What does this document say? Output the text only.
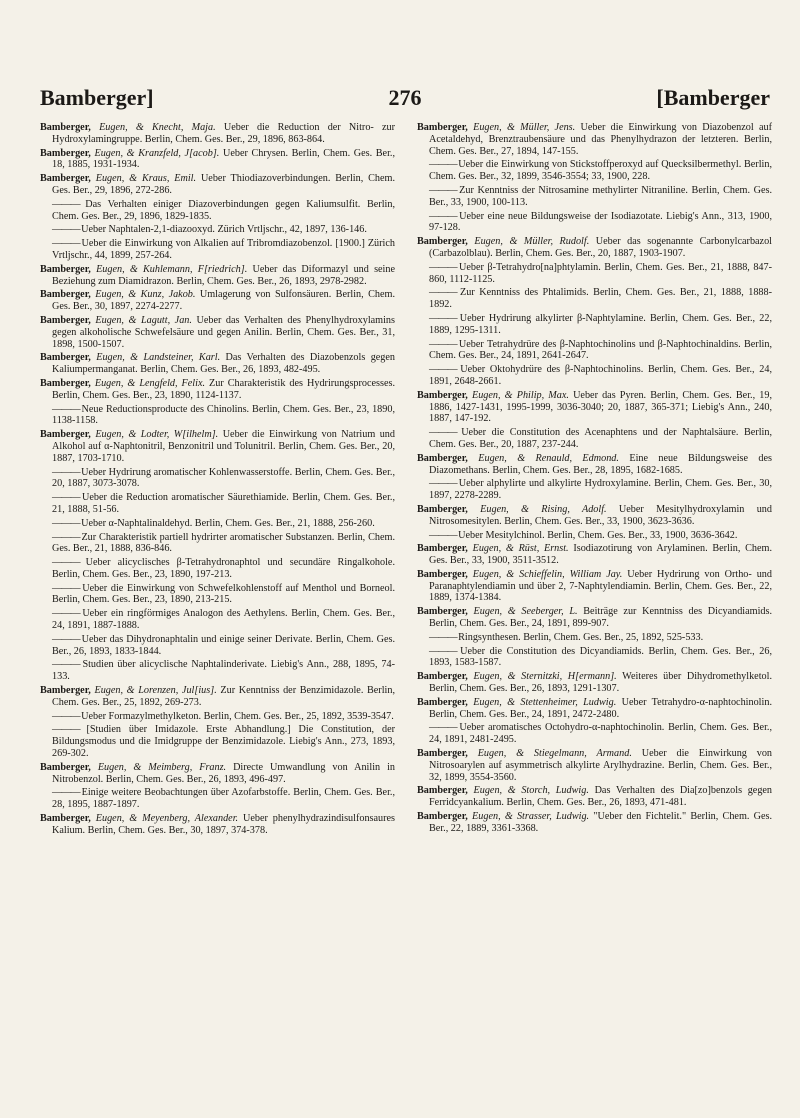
Bamberger]	276	[Bamberger

Bamberger, Eugen, & Knecht, Maja. Ueber die Reduction der Nitro- zur Hydroxylamingruppe. Berlin, Chem. Ges. Ber., 29, 1896, 863-864.

Bamberger, Eugen, & Kranzfeld, J[acob]. Ueber Chrysen. Berlin, Chem. Ges. Ber., 18, 1885, 1931-1934.

Bamberger, Eugen, & Kraus, Emil. Ueber Thiodiazoverbindungen. Berlin, Chem. Ges. Ber., 29, 1896, 272-286.

——— Das Verhalten einiger Diazoverbindungen gegen Kaliumsulfit. Berlin, Chem. Ges. Ber., 29, 1896, 1829-1835.

——— Ueber Naphtalen-2,1-diazooxyd. Zürich Vrtljschr., 42, 1897, 136-146.

——— Ueber die Einwirkung von Alkalien auf Tribromdiazobenzol. [1900.] Zürich Vrtljschr., 44, 1899, 257-264.

Bamberger, Eugen, & Kuhlemann, F[riedrich]. Ueber das Diformazyl und seine Beziehung zum Diamidrazon. Berlin, Chem. Ges. Ber., 26, 1893, 2978-2982.

Bamberger, Eugen, & Kunz, Jakob. Umlagerung von Sulfonsäuren. Berlin, Chem. Ges. Ber., 30, 1897, 2274-2277.

Bamberger, Eugen, & Lagutt, Jan. Ueber das Verhalten des Phenylhydroxylamins gegen alkoholische Schwefelsäure und gegen Anilin. Berlin, Chem. Ges. Ber., 31, 1898, 1500-1507.

Bamberger, Eugen, & Landsteiner, Karl. Das Verhalten des Diazobenzols gegen Kaliumpermanganat. Berlin, Chem. Ges. Ber., 26, 1893, 482-495.

Bamberger, Eugen, & Lengfeld, Felix. Zur Charakteristik des Hydrirungsprocesses. Berlin, Chem. Ges. Ber., 23, 1890, 1124-1137.

——— Neue Reductionsproducte des Chinolins. Berlin, Chem. Ges. Ber., 23, 1890, 1138-1158.

Bamberger, Eugen, & Lodter, W[ilhelm]. Ueber die Einwirkung von Natrium und Alkohol auf α-Naphtonitril, Benzonitril und Tolunitril. Berlin, Chem. Ges. Ber., 20, 1887, 1703-1710.

——— Ueber Hydrirung aromatischer Kohlenwasserstoffe. Berlin, Chem. Ges. Ber., 20, 1887, 3073-3078.

——— Ueber die Reduction aromatischer Säurethiamide. Berlin, Chem. Ges. Ber., 21, 1888, 51-56.

——— Ueber α-Naphtalinaldehyd. Berlin, Chem. Ges. Ber., 21, 1888, 256-260.

——— Zur Charakteristik partiell hydrirter aromatischer Substanzen. Berlin, Chem. Ges. Ber., 21, 1888, 836-846.

——— Ueber alicyclisches β-Tetrahydronaphtol und secundäre Ringalkohole. Berlin, Chem. Ges. Ber., 23, 1890, 197-213.

——— Ueber die Einwirkung von Schwefelkohlenstoff auf Menthol und Borneol. Berlin, Chem. Ges. Ber., 23, 1890, 213-215.

——— Ueber ein ringförmiges Analogon des Aethylens. Berlin, Chem. Ges. Ber., 24, 1891, 1887-1888.

——— Ueber das Dihydronaphtalin und einige seiner Derivate. Berlin, Chem. Ges. Ber., 26, 1893, 1833-1844.

——— Studien über alicyclische Naphtalinderivate. Liebig's Ann., 288, 1895, 74-133.

Bamberger, Eugen, & Lorenzen, Jul[ius]. Zur Kenntniss der Benzimidazole. Berlin, Chem. Ges. Ber., 25, 1892, 269-273.

——— Ueber Formazylmethylketon. Berlin, Chem. Ges. Ber., 25, 1892, 3539-3547.

——— [Studien über Imidazole. Erste Abhandlung.] Die Constitution, der Bildungsmodus und die Imidgruppe der Benzimidazole. Liebig's Ann., 273, 1893, 269-302.

Bamberger, Eugen, & Meimberg, Franz. Directe Umwandlung von Anilin in Nitrobenzol. Berlin, Chem. Ges. Ber., 26, 1893, 496-497.

——— Einige weitere Beobachtungen über Azofarbstoffe. Berlin, Chem. Ges. Ber., 28, 1895, 1887-1897.

Bamberger, Eugen, & Meyenberg, Alexander. Ueber phenylhydrazindisulfonsaures Kalium. Berlin, Chem. Ges. Ber., 30, 1897, 374-378.

Bamberger, Eugen, & Müller, Jens. Ueber die Einwirkung von Diazobenzol auf Acetaldehyd, Brenztraubensäure und das Phenylhydrazon der letzteren. Berlin, Chem. Ges. Ber., 27, 1894, 147-155.

——— Ueber die Einwirkung von Stickstoffperoxyd auf Quecksilbermethyl. Berlin, Chem. Ges. Ber., 32, 1899, 3546-3554; 33, 1900, 228.

——— Zur Kenntniss der Nitrosamine methylirter Nitraniline. Berlin, Chem. Ges. Ber., 33, 1900, 100-113.

——— Ueber eine neue Bildungsweise der Isodiazotate. Liebig's Ann., 313, 1900, 97-128.

Bamberger, Eugen, & Müller, Rudolf. Ueber das sogenannte Carbonylcarbazol (Carbazolblau). Berlin, Chem. Ges. Ber., 20, 1887, 1903-1907.

——— Ueber β-Tetrahydro[na]phtylamin. Berlin, Chem. Ges. Ber., 21, 1888, 847-860, 1112-1125.

——— Zur Kenntniss des Phtalimids. Berlin, Chem. Ges. Ber., 21, 1888, 1888-1892.

——— Ueber Hydrirung alkylirter β-Naphtylamine. Berlin, Chem. Ges. Ber., 22, 1889, 1295-1311.

——— Ueber Tetrahydrüre des β-Naphtochinolins und β-Naphtochinaldins. Berlin, Chem. Ges. Ber., 24, 1891, 2641-2647.

——— Ueber Oktohydrüre des β-Naphtochinolins. Berlin, Chem. Ges. Ber., 24, 1891, 2648-2661.

Bamberger, Eugen, & Philip, Max. Ueber das Pyren. Berlin, Chem. Ges. Ber., 19, 1886, 1427-1431, 1995-1999, 3036-3040; 20, 1887, 365-371; Liebig's Ann., 240, 1887, 147-192.

——— Ueber die Constitution des Acenaphtens und der Naphtalsäure. Berlin, Chem. Ges. Ber., 20, 1887, 237-244.

Bamberger, Eugen, & Renauld, Edmond. Eine neue Bildungsweise des Diazomethans. Berlin, Chem. Ges. Ber., 28, 1895, 1682-1685.

——— Ueber alphylirte und alkylirte Hydroxylamine. Berlin, Chem. Ges. Ber., 30, 1897, 2278-2289.

Bamberger, Eugen, & Rising, Adolf. Ueber Mesitylhydroxylamin und Nitrosomesitylen. Berlin, Chem. Ges. Ber., 33, 1900, 3623-3636.

——— Ueber Mesitylchinol. Berlin, Chem. Ges. Ber., 33, 1900, 3636-3642.

Bamberger, Eugen, & Rüst, Ernst. Isodiazotirung von Arylaminen. Berlin, Chem. Ges. Ber., 33, 1900, 3511-3512.

Bamberger, Eugen, & Schieffelin, William Jay. Ueber Hydrirung von Ortho- und Paranaphtylendiamin und über 2, 7-Naphtylendiamin. Berlin, Chem. Ges. Ber., 22, 1889, 1374-1384.

Bamberger, Eugen, & Seeberger, L. Beiträge zur Kenntniss des Dicyandiamids. Berlin, Chem. Ges. Ber., 24, 1891, 899-907.

——— Ringsynthesen. Berlin, Chem. Ges. Ber., 25, 1892, 525-533.

——— Ueber die Constitution des Dicyandiamids. Berlin, Chem. Ges. Ber., 26, 1893, 1583-1587.

Bamberger, Eugen, & Sternitzki, H[ermann]. Weiteres über Dihydromethylketol. Berlin, Chem. Ges. Ber., 26, 1893, 1291-1307.

Bamberger, Eugen, & Stettenheimer, Ludwig. Ueber Tetrahydro-α-naphtochinolin. Berlin, Chem. Ges. Ber., 24, 1891, 2472-2480.

——— Ueber aromatisches Octohydro-α-naphtochinolin. Berlin, Chem. Ges. Ber., 24, 1891, 2481-2495.

Bamberger, Eugen, & Stiegelmann, Armand. Ueber die Einwirkung von Nitrosoarylen auf asymmetrisch alkylirte Arylhydrazine. Berlin, Chem. Ges. Ber., 32, 1899, 3554-3560.

Bamberger, Eugen, & Storch, Ludwig. Das Verhalten des Dia[zo]benzols gegen Ferridcyankalium. Berlin, Chem. Ges. Ber., 26, 1893, 471-481.

Bamberger, Eugen, & Strasser, Ludwig. "Ueber den Fichtelit." Berlin, Chem. Ges. Ber., 22, 1889, 3361-3368.
